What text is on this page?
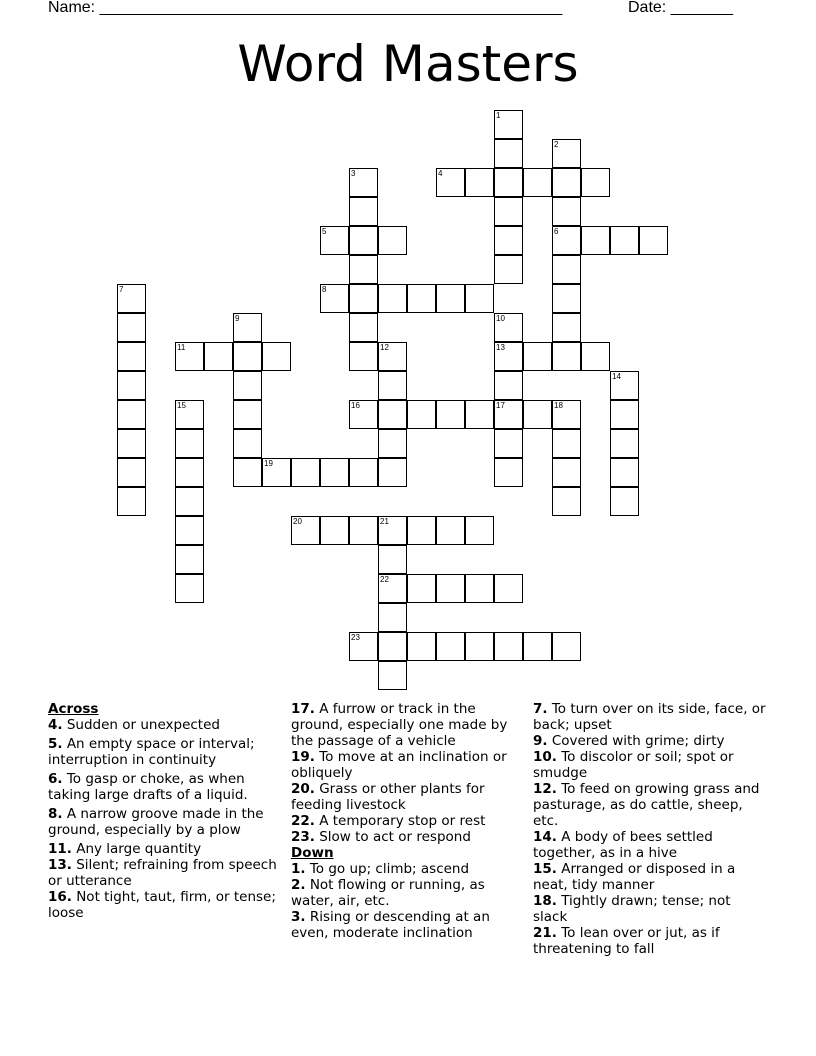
Name: ____________________________________________________	Date: _______
Word Masters
1
2
3	4
5	6
7	8
9	10
13
17
11	12
14
15	16	18
19
20	21
22
23

Across

4. Sudden or unexpected

5. An empty space or interval; interruption in continuity

6. To gasp or choke, as when taking large drafts of a liquid.

8. A narrow groove made in the ground, especially by a plow

11. Any large quantity

13. Silent; refraining from speech or utterance

16. Not tight, taut, firm, or tense; loose

17. A furrow or track in the ground, especially one made by the passage of a vehicle

19. To move at an inclination or obliquely

20. Grass or other plants for feeding livestock

22. A temporary stop or rest

23. Slow to act or respond

Down

1. To go up; climb; ascend

2. Not flowing or running, as water, air, etc.

3. Rising or descending at an even, moderate inclination

7. To turn over on its side, face, or back; upset

9. Covered with grime; dirty

10. To discolor or soil; spot or smudge

12. To feed on growing grass and pasturage, as do cattle, sheep, etc.

14. A body of bees settled together, as in a hive

15. Arranged or disposed in a neat, tidy manner

18. Tightly drawn; tense; not slack

21. To lean over or jut, as if threatening to fall
